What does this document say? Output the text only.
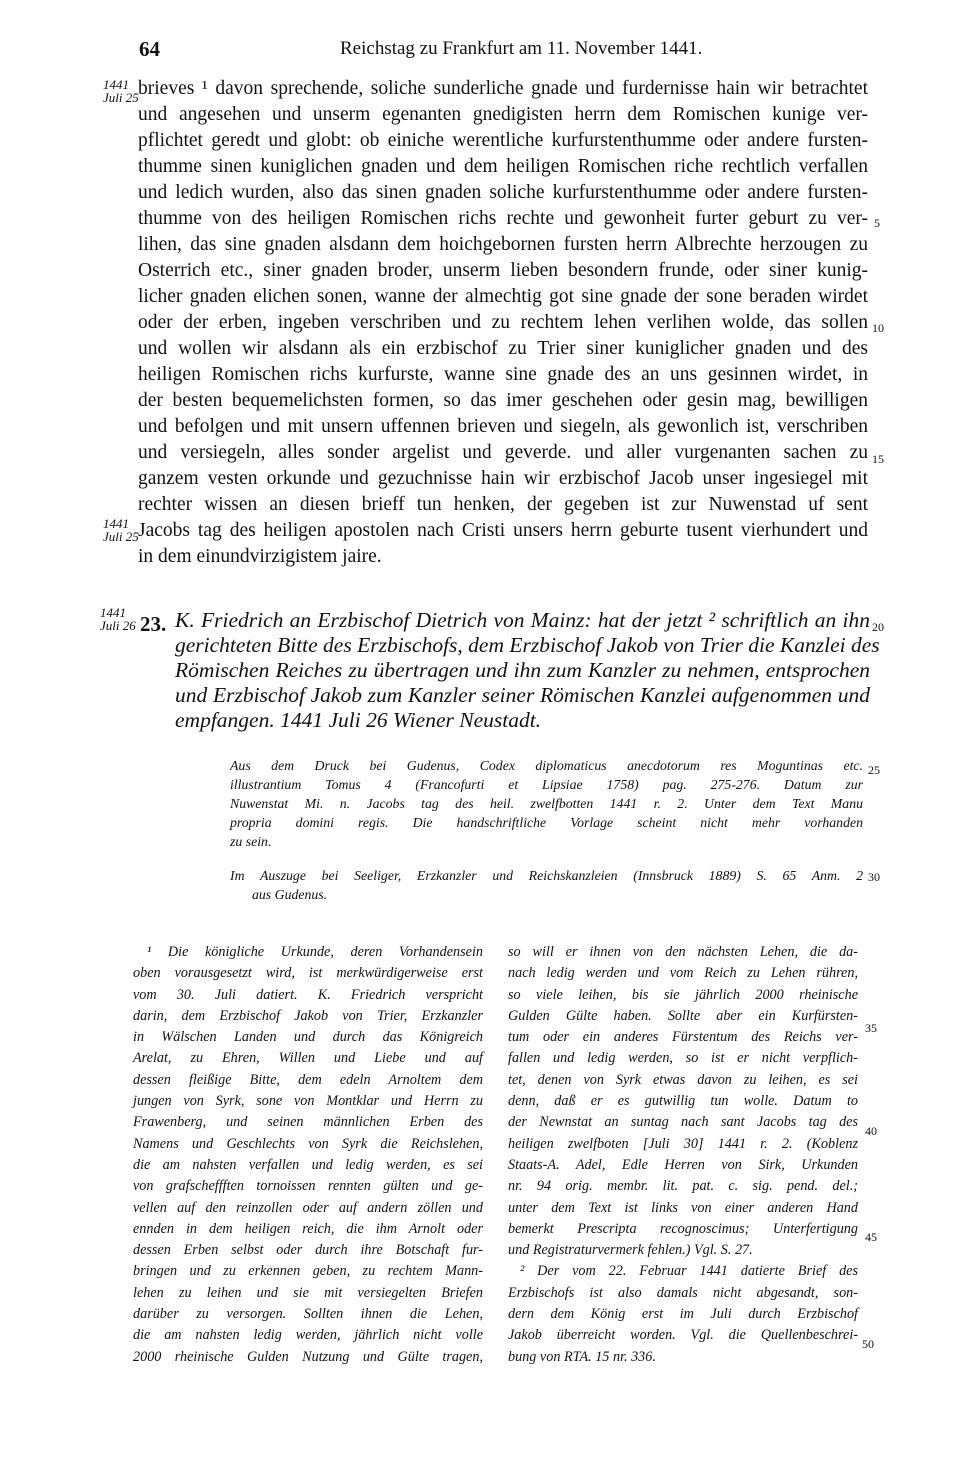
64	Reichstag zu Frankfurt am 11. November 1441.
1441
Juli 25
1441
Juli 25
1441
Juli 26
5
10
15
20
25
30
35
40
45
50
brieves ¹ davon sprechende, soliche sunderliche gnade und furdernisse hain wir betrachtet
und angesehen und unserm egenanten gnedigisten herrn dem Romischen kunige ver-
pflichtet geredt und globt: ob einiche werentliche kurfurstenthumme oder andere fursten-
thumme sinen kuniglichen gnaden und dem heiligen Romischen riche rechtlich verfallen
und ledich wurden, also das sinen gnaden soliche kurfurstenthumme oder andere fursten-
thumme von des heiligen Romischen richs rechte und gewonheit furter geburt zu ver-
lihen, das sine gnaden alsdann dem hoichgebornen fursten herrn Albrechte herzougen zu
Osterrich etc., siner gnaden broder, unserm lieben besondern frunde, oder siner kunig-
licher gnaden elichen sonen, wanne der almechtig got sine gnade der sone beraden wirdet
oder der erben, ingeben verschriben und zu rechtem lehen verlihen wolde, das sollen
und wollen wir alsdann als ein erzbischof zu Trier siner kuniglicher gnaden und des
heiligen Romischen richs kurfurste, wanne sine gnade des an uns gesinnen wirdet, in
der besten bequemelichsten formen, so das imer geschehen oder gesin mag, bewilligen
und befolgen und mit unsern uffennen brieven und siegeln, als gewonlich ist, verschriben
und versiegeln, alles sonder argelist und geverde. und aller vurgenanten sachen zu
ganzem vesten orkunde und gezuchnisse hain wir erzbischof Jacob unser ingesiegel mit
rechter wissen an diesen brieff tun henken, der gegeben ist zur Nuwenstad uf sent
Jacobs tag des heiligen apostolen nach Cristi unsers herrn geburte tusent vierhundert und
in dem einundvirzigistem jaire.
23. K. Friedrich an Erzbischof Dietrich von Mainz: hat der jetzt ² schriftlich an ihn
gerichteten Bitte des Erzbischofs, dem Erzbischof Jakob von Trier die Kanzlei des
Römischen Reiches zu übertragen und ihn zum Kanzler zu nehmen, entsprochen
und Erzbischof Jakob zum Kanzler seiner Römischen Kanzlei aufgenommen und
empfangen. 1441 Juli 26 Wiener Neustadt.
Aus dem Druck bei Gudenus, Codex diplomaticus anecdotorum res Moguntinas etc.
illustrantium Tomus 4 (Francofurti et Lipsiae 1758) pag. 275-276. Datum zur
Nuwenstat Mi. n. Jacobs tag des heil. zwelfbotten 1441 r. 2. Unter dem Text Manu
propria domini regis. Die handschriftliche Vorlage scheint nicht mehr vorhanden
zu sein.
Im Auszuge bei Seeliger, Erzkanzler und Reichskanzleien (Innsbruck 1889) S. 65 Anm. 2
aus Gudenus.
¹ Die königliche Urkunde, deren Vorhandensein
oben vorausgesetzt wird, ist merkwürdigerweise erst
vom 30. Juli datiert. K. Friedrich verspricht
darin, dem Erzbischof Jakob von Trier, Erzkanzler
in Wälschen Landen und durch das Königreich
Arelat, zu Ehren, Willen und Liebe und auf
dessen fleißige Bitte, dem edeln Arnoltem dem
jungen von Syrk, sone von Montklar und Herrn zu
Frawenberg, und seinen männlichen Erben des
Namens und Geschlechts von Syrk die Reichslehen,
die am nahsten verfallen und ledig werden, es sei
von grafscheffften tornoissen rennten gülten und ge-
vellen auf den reinzollen oder auf andern zöllen und
ennden in dem heiligen reich, die ihm Arnolt oder
dessen Erben selbst oder durch ihre Botschaft fur-
bringen und zu erkennen geben, zu rechtem Mann-
lehen zu leihen und sie mit versiegelten Briefen
darüber zu versorgen. Sollten ihnen die Lehen,
die am nahsten ledig werden, jährlich nicht volle
2000 rheinische Gulden Nutzung und Gülte tragen,
so will er ihnen von den nächsten Lehen, die da-
nach ledig werden und vom Reich zu Lehen rühren,
so viele leihen, bis sie jährlich 2000 rheinische
Gulden Gülte haben. Sollte aber ein Kurfürsten-
tum oder ein anderes Fürstentum des Reichs ver-
fallen und ledig werden, so ist er nicht verpflich-
tet, denen von Syrk etwas davon zu leihen, es sei
denn, daß er es gutwillig tun wolle. Datum to
der Newnstat an suntag nach sant Jacobs tag des
heiligen zwelfboten [Juli 30] 1441 r. 2. (Koblenz
Staats-A. Adel, Edle Herren von Sirk, Urkunden
nr. 94 orig. membr. lit. pat. c. sig. pend. del.;
unter dem Text ist links von einer anderen Hand
bemerkt Prescripta recognoscimus; Unterfertigung
und Registraturvermerk fehlen.) Vgl. S. 27.
² Der vom 22. Februar 1441 datierte Brief des
Erzbischofs ist also damals nicht abgesandt, son-
dern dem König erst im Juli durch Erzbischof
Jakob überreicht worden. Vgl. die Quellenbeschrei-
bung von RTA. 15 nr. 336.
